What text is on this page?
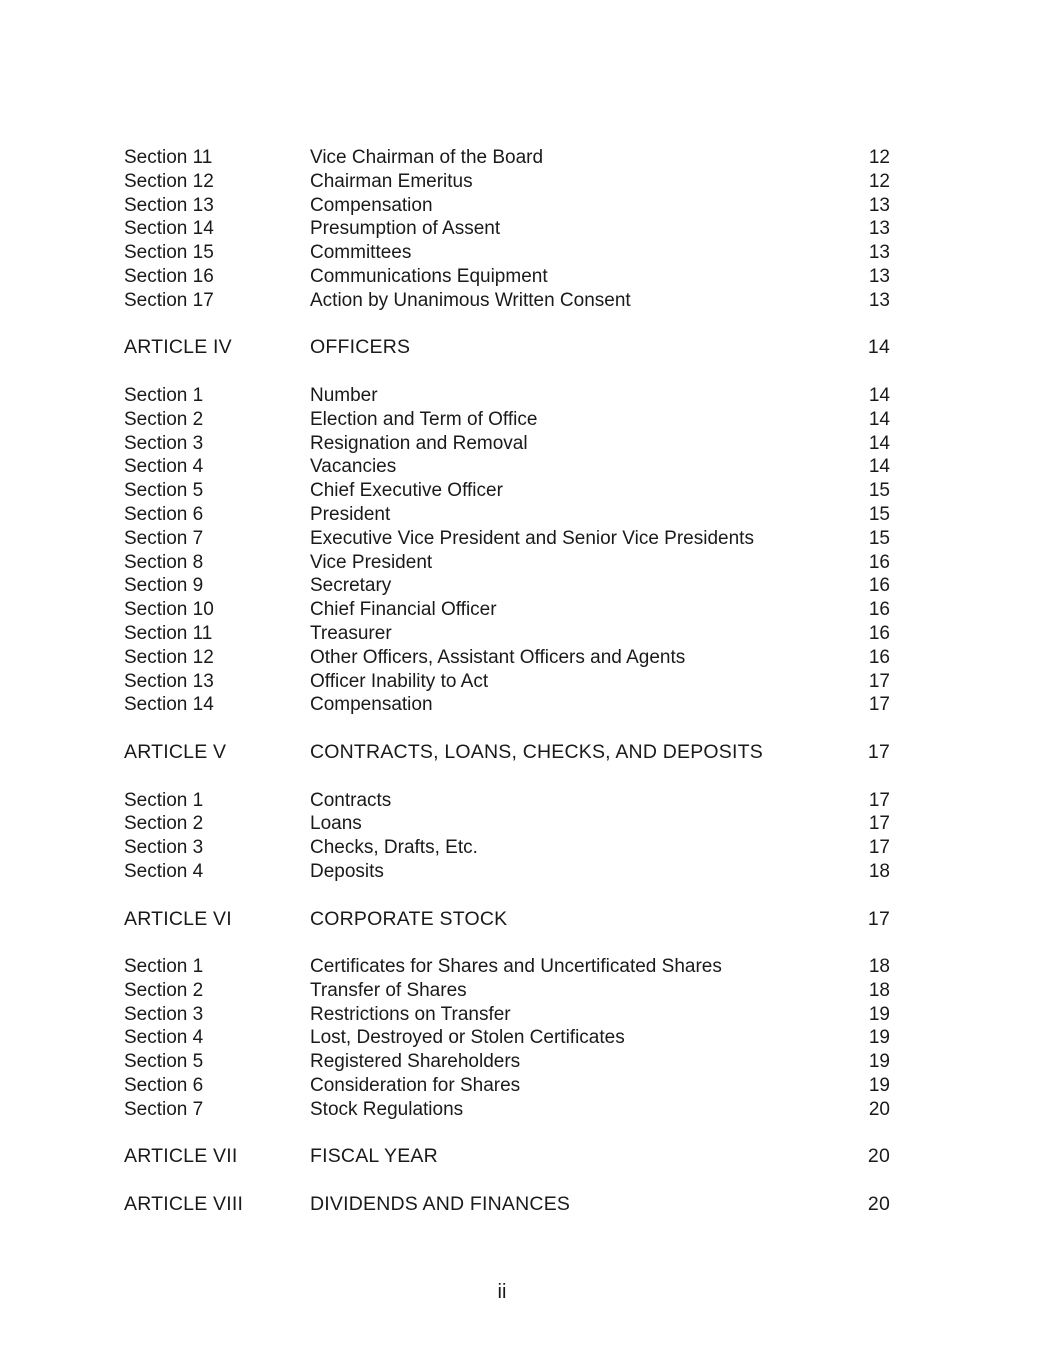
Section 11	Vice Chairman of the Board	12
Section 12	Chairman Emeritus	12
Section 13	Compensation	13
Section 14	Presumption of Assent	13
Section 15	Committees	13
Section 16	Communications Equipment	13
Section 17	Action by Unanimous Written Consent	13
ARTICLE IV	OFFICERS	14
Section 1	Number	14
Section 2	Election and Term of Office	14
Section 3	Resignation and Removal	14
Section 4	Vacancies	14
Section 5	Chief Executive Officer	15
Section 6	President	15
Section 7	Executive Vice President and Senior Vice Presidents	15
Section 8	Vice President	16
Section 9	Secretary	16
Section 10	Chief Financial Officer	16
Section 11	Treasurer	16
Section 12	Other Officers, Assistant Officers and Agents	16
Section 13	Officer Inability to Act	17
Section 14	Compensation	17
ARTICLE V	CONTRACTS, LOANS, CHECKS, AND DEPOSITS	17
Section 1	Contracts	17
Section 2	Loans	17
Section 3	Checks, Drafts, Etc.	17
Section 4	Deposits	18
ARTICLE VI	CORPORATE STOCK	17
Section 1	Certificates for Shares and Uncertificated Shares	18
Section 2	Transfer of Shares	18
Section 3	Restrictions on Transfer	19
Section 4	Lost, Destroyed or Stolen Certificates	19
Section 5	Registered Shareholders	19
Section 6	Consideration for Shares	19
Section 7	Stock Regulations	20
ARTICLE VII	FISCAL YEAR	20
ARTICLE VIII	DIVIDENDS AND FINANCES	20
ii
